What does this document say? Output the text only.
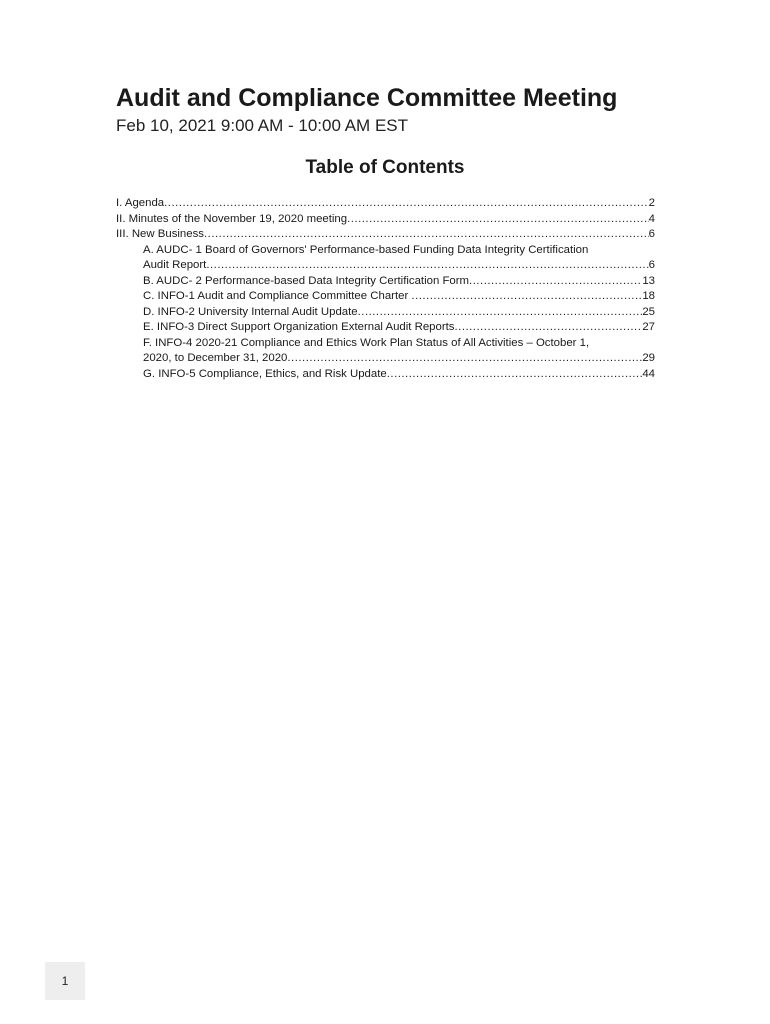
Audit and Compliance Committee Meeting
Feb 10, 2021 9:00 AM - 10:00 AM EST
Table of Contents
I. Agenda .....	2
II. Minutes of the November 19, 2020 meeting .....	4
III. New Business .....	6
A. AUDC- 1 Board of Governors' Performance-based Funding Data Integrity Certification
Audit Report .....	6
B. AUDC- 2 Performance-based Data Integrity Certification Form .....	13
C. INFO-1 Audit and Compliance Committee Charter .....	18
D. INFO-2 University Internal Audit Update .....	25
E. INFO-3 Direct Support Organization External Audit Reports .....	27
F. INFO-4 2020-21 Compliance and Ethics Work Plan Status of All Activities – October 1,
2020, to December 31, 2020 .....	29
G. INFO-5 Compliance, Ethics, and Risk Update .....	44
1
